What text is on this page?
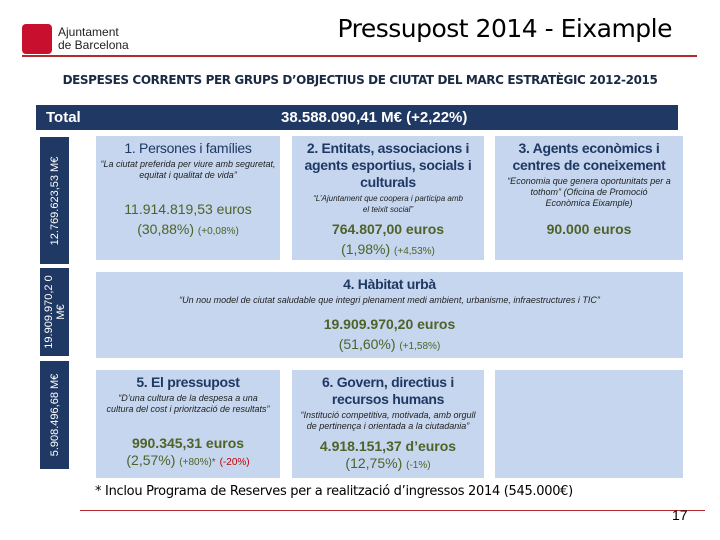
Ajuntament
de Barcelona
Pressupost 2014 - Eixample
DESPESES CORRENTS PER GRUPS D’OBJECTIUS DE CIUTAT DEL MARC ESTRATÈGIC 2012-2015
Total	38.588.090,41 M€ (+2,22%)
12.769.623,53 M€
19.909.970,2 0 M€
5.908.496,68 M€
1. Persones i famílies
“La ciutat preferida per viure amb seguretat, equitat i qualitat de vida”
11.914.819,53 euros
(30,88%) (+0,08%)
2. Entitats, associacions i agents esportius, socials i culturals
“L’Ajuntament que coopera i participa amb el teixit social”
764.807,00 euros
(1,98%) (+4,53%)
3. Agents econòmics i centres de coneixement
“Economia que genera oportunitats per a tothom” (Oficina de Promoció Econòmica Eixample)
90.000 euros
4. Hàbitat urbà
“Un nou model de ciutat saludable que integri plenament medi ambient, urbanisme, infraestructures i TIC”
19.909.970,20 euros
(51,60%) (+1,58%)
5. El pressupost
“D’una cultura de la despesa a una cultura del cost i priorització de resultats”
990.345,31 euros
(2,57%) (+80%)* (-20%)
6. Govern, directius i recursos humans
“Institució competitiva, motivada, amb orgull de pertinença i orientada a la ciutadania”
4.918.151,37 d’euros
(12,75%) (-1%)
* Inclou Programa de Reserves per a realització d’ingressos 2014 (545.000€)
17
